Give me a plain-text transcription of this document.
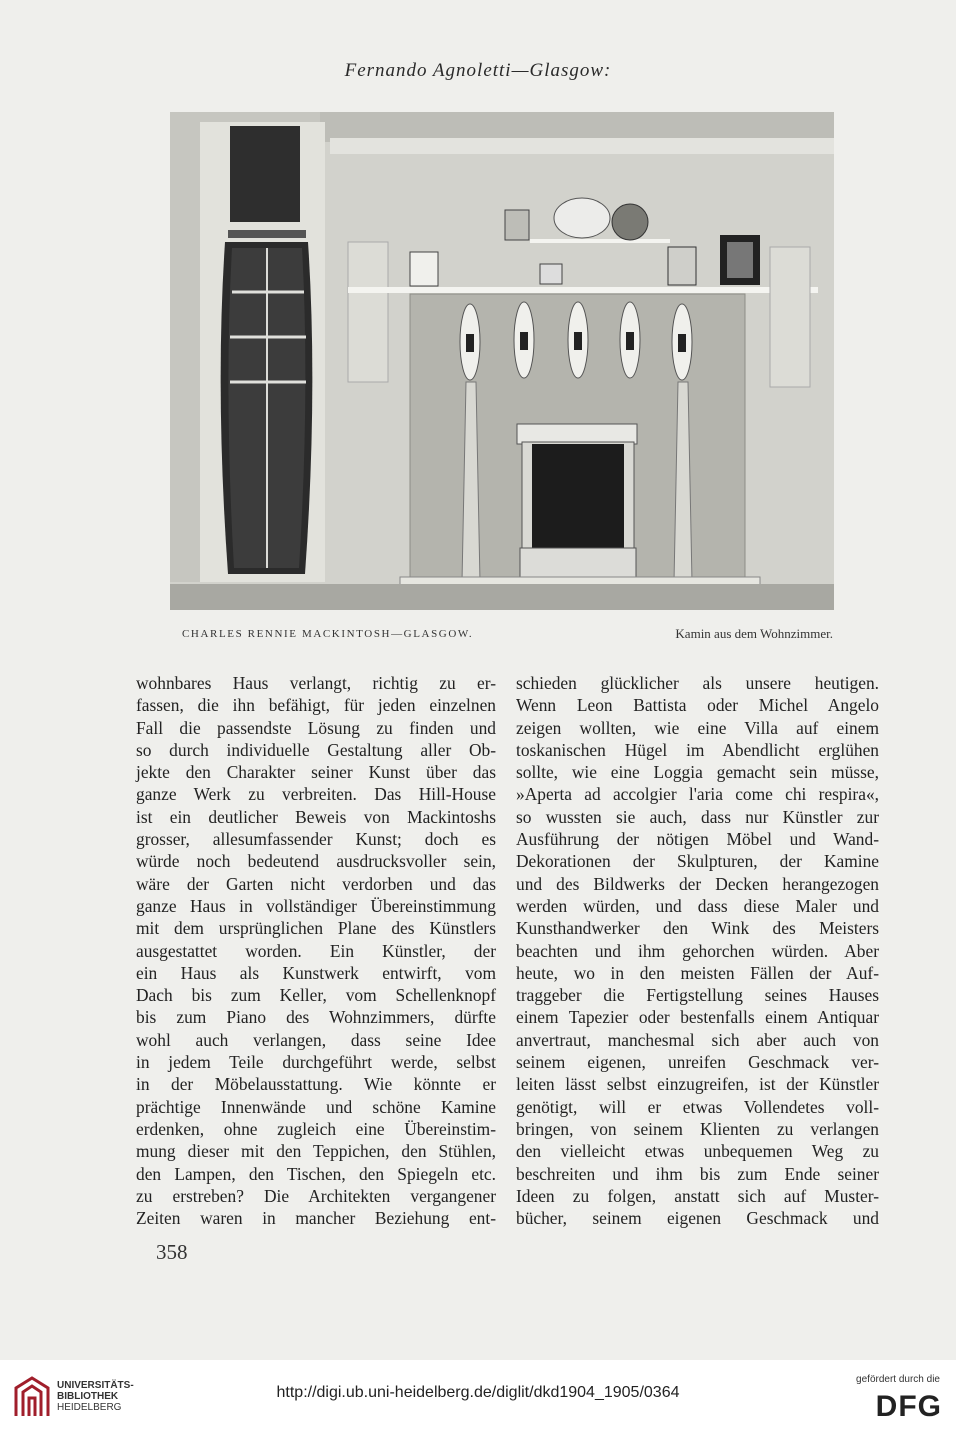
Fernando Agnoletti—Glasgow:
CHARLES RENNIE MACKINTOSH—GLASGOW.	Kamin aus dem Wohnzimmer.
wohnbares Haus verlangt, richtig zu er-
fassen, die ihn befähigt, für jeden einzelnen
Fall die passendste Lösung zu finden und
so durch individuelle Gestaltung aller Ob-
jekte den Charakter seiner Kunst über das
ganze Werk zu verbreiten. Das Hill-House
ist ein deutlicher Beweis von Mackintoshs
grosser, allesumfassender Kunst; doch es
würde noch bedeutend ausdrucksvoller sein,
wäre der Garten nicht verdorben und das
ganze Haus in vollständiger Übereinstimmung
mit dem ursprünglichen Plane des Künstlers
ausgestattet worden. Ein Künstler, der
ein Haus als Kunstwerk entwirft, vom
Dach bis zum Keller, vom Schellenknopf
bis zum Piano des Wohnzimmers, dürfte
wohl auch verlangen, dass seine Idee
in jedem Teile durchgeführt werde, selbst
in der Möbelausstattung. Wie könnte er
prächtige Innenwände und schöne Kamine
erdenken, ohne zugleich eine Übereinstim-
mung dieser mit den Teppichen, den Stühlen,
den Lampen, den Tischen, den Spiegeln etc.
zu erstreben? Die Architekten vergangener
Zeiten waren in mancher Beziehung ent-
schieden glücklicher als unsere heutigen.
Wenn Leon Battista oder Michel Angelo
zeigen wollten, wie eine Villa auf einem
toskanischen Hügel im Abendlicht erglühen
sollte, wie eine Loggia gemacht sein müsse,
»Aperta ad accolgier l'aria come chi respira«,
so wussten sie auch, dass nur Künstler zur
Ausführung der nötigen Möbel und Wand-
Dekorationen der Skulpturen, der Kamine
und des Bildwerks der Decken herangezogen
werden würden, und dass diese Maler und
Kunsthandwerker den Wink des Meisters
beachten und ihm gehorchen würden. Aber
heute, wo in den meisten Fällen der Auf-
traggeber die Fertigstellung seines Hauses
einem Tapezier oder bestenfalls einem Antiquar
anvertraut, manchesmal sich aber auch von
seinem eigenen, unreifen Geschmack ver-
leiten lässt selbst einzugreifen, ist der Künstler
genötigt, will er etwas Vollendetes voll-
bringen, von seinem Klienten zu verlangen
den vielleicht etwas unbequemen Weg zu
beschreiten und ihm bis zum Ende seiner
Ideen zu folgen, anstatt sich auf Muster-
bücher, seinem eigenen Geschmack und
358
UNIVERSITÄTS-
BIBLIOTHEK
HEIDELBERG
http://digi.ub.uni-heidelberg.de/diglit/dkd1904_1905/0364
gefördert durch die
DFG
